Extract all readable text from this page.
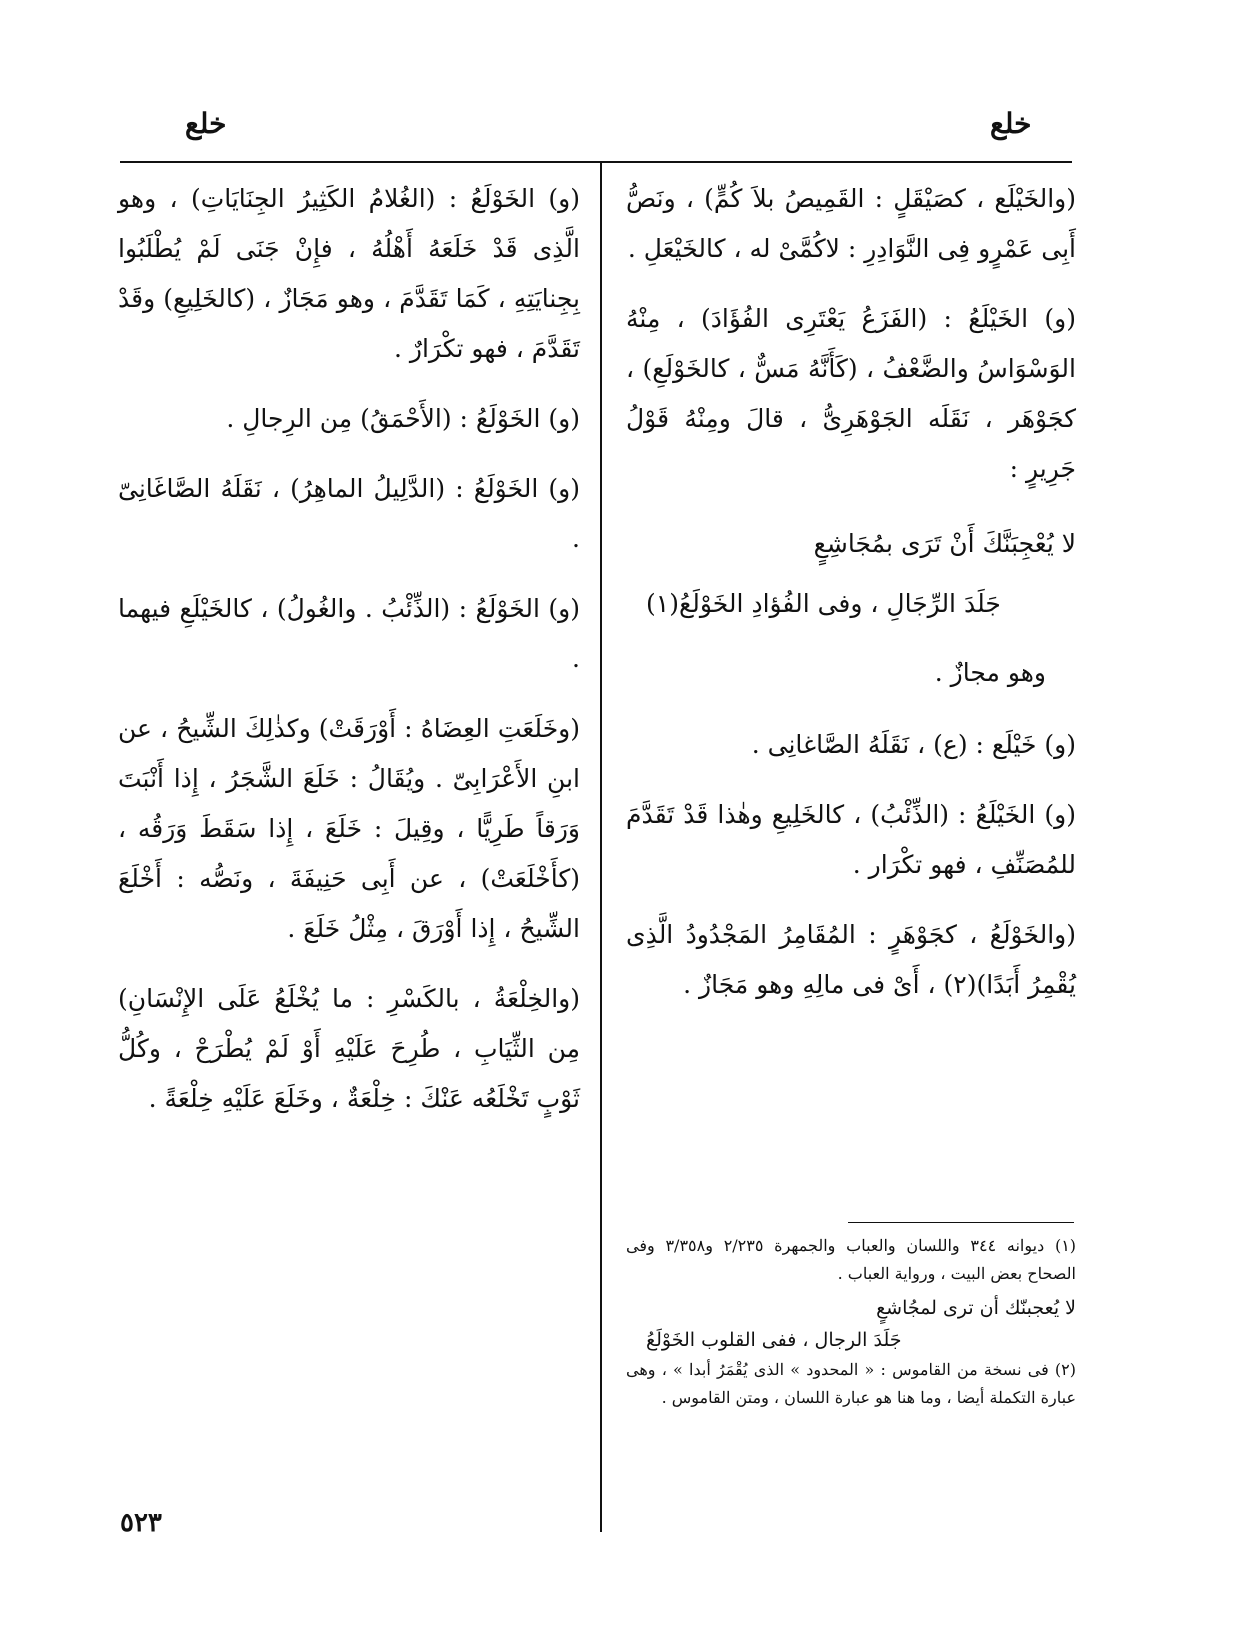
خلع	خلع

(والخَيْلَع ، كصَيْقَلٍ : القَمِيصُ بلاَ كُمٍّ) ، ونَصُّ أَبِى عَمْرٍو فِى النَّوَادِرِ : لاكُمَّىْ له ، كالخَيْعَلِ .

(و) الخَيْلَعُ : (الفَزَعُ يَعْتَرِى الفُؤَادَ) ، مِنْهُ الوَسْوَاسُ والضَّعْفُ ، (كَأَنَّهُ مَسٌّ ، كالخَوْلَعِ) ، كجَوْهَر ، نَقَلَه الجَوْهَرِىُّ ، قالَ ومِنْهُ قَوْلُ جَرِيرٍ :

لا يُعْجِبَنَّكَ أَنْ تَرَى بمُجَاشِعٍ
جَلَدَ الرِّجَالِ ، وفى الفُؤادِ الخَوْلَعُ(١)

وهو مجازٌ .

(و) خَيْلَع : (ع) ، نَقَلَهُ الصَّاغانِى .

(و) الخَيْلَعُ : (الذِّئْبُ) ، كالخَلِيعِ وهٰذا قَدْ تَقَدَّمَ للمُصَنِّفِ ، فهو تكْرَار .

(والخَوْلَعُ ، كجَوْهَرٍ : المُقَامِرُ المَجْدُودُ الَّذِى يُقْمِرُ أَبَدًا)(٢) ، أَىْ فى مالِهِ وهو مَجَازٌ .

(١) ديوانه ٣٤٤ واللسان والعباب والجمهرة ٢/٢٣٥ و٣/٣٥٨ وفى الصحاح بعض البيت ، ورواية العباب .

لا يُعجبنّك أن ترى لمجُاشعٍ

جَلَدَ الرجال ، ففى القلوب الخَوْلَعُ

(٢) فى نسخة من القاموس : « المحدود » الذى يُقْمَرُ أبدا » ، وهى عبارة التكملة أيضا ، وما هنا هو عبارة اللسان ، ومتن القاموس .

(و) الخَوْلَعُ : (الغُلامُ الكَثِيرُ الجِنَايَاتِ) ، وهو الَّذِى قَدْ خَلَعَهُ أَهْلُهُ ، فإِنْ جَنَى لَمْ يُطْلَبُوا بِجِنايَتِهِ ، كَمَا تَقَدَّمَ ، وهو مَجَازٌ ، (كالخَلِيعِ) وقَدْ تَقَدَّمَ ، فهو تكْرَارٌ .

(و) الخَوْلَعُ : (الأَحْمَقُ) مِن الرِجالِ .

(و) الخَوْلَعُ : (الدَّلِيلُ الماهِرُ) ، نَقَلَهُ الصَّاغَانِىّ .

(و) الخَوْلَعُ : (الذِّئْبُ . والغُولُ) ، كالخَيْلَعِ فيهما .

(وخَلَعَتِ العِضَاهُ : أَوْرَقَتْ) وكذٰلِكَ الشِّيحُ ، عن ابنِ الأَعْرَابِىّ . ويُقَالُ : خَلَعَ الشَّجَرُ ، إِذا أَنْبَتَ وَرَقاً طَرِيًّا ، وقِيلَ : خَلَعَ ، إِذا سَقَطَ وَرَقُه ، (كأَخْلَعَتْ) ، عن أَبِى حَنِيفَةَ ، ونَصُّه : أَخْلَعَ الشِّيحُ ، إِذا أَوْرَقَ ، مِثْلُ خَلَعَ .

(والخِلْعَةُ ، بالكَسْرِ : ما يُخْلَعُ عَلَى الإِنْسَانِ) مِن الثِّيَابِ ، طُرِحَ عَلَيْهِ أَوْ لَمْ يُطْرَحْ ، وكُلُّ ثَوْبٍ تَخْلَعُه عَنْكَ : خِلْعَةٌ ، وخَلَعَ عَلَيْهِ خِلْعَةً .

٥٢٣
